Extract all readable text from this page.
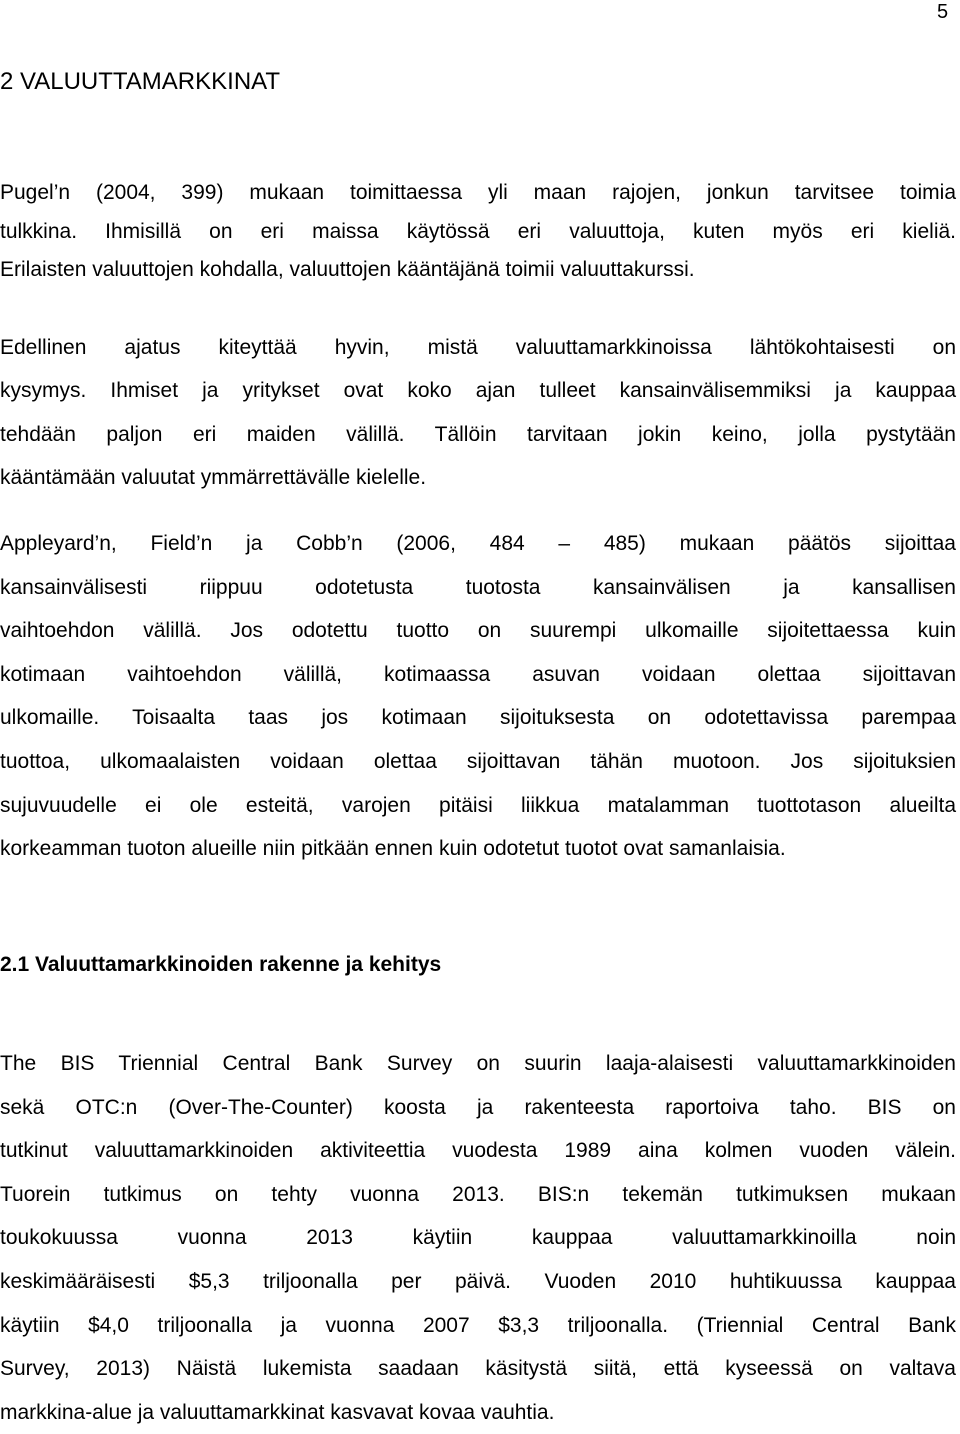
5
2 VALUUTTAMARKKINAT
Pugel’n (2004, 399) mukaan toimittaessa yli maan rajojen, jonkun tarvitsee toimia
tulkkina. Ihmisillä on eri maissa käytössä eri valuuttoja, kuten myös eri kieliä.
Erilaisten valuuttojen kohdalla, valuuttojen kääntäjänä toimii valuuttakurssi.
Edellinen ajatus kiteyttää hyvin, mistä valuuttamarkkinoissa lähtökohtaisesti on
kysymys. Ihmiset ja yritykset ovat koko ajan tulleet kansainvälisemmiksi ja kauppaa
tehdään paljon eri maiden välillä. Tällöin tarvitaan jokin keino, jolla pystytään
kääntämään valuutat ymmärrettävälle kielelle.
Appleyard’n, Field’n ja Cobb’n (2006, 484 – 485) mukaan päätös sijoittaa
kansainvälisesti riippuu odotetusta tuotosta kansainvälisen ja kansallisen
vaihtoehdon välillä. Jos odotettu tuotto on suurempi ulkomaille sijoitettaessa kuin
kotimaan vaihtoehdon välillä, kotimaassa asuvan voidaan olettaa sijoittavan
ulkomaille. Toisaalta taas jos kotimaan sijoituksesta on odotettavissa parempaa
tuottoa, ulkomaalaisten voidaan olettaa sijoittavan tähän muotoon. Jos sijoituksien
sujuvuudelle ei ole esteitä, varojen pitäisi liikkua matalamman tuottotason alueilta
korkeamman tuoton alueille niin pitkään ennen kuin odotetut tuotot ovat samanlaisia.
2.1 Valuuttamarkkinoiden rakenne ja kehitys
The BIS Triennial Central Bank Survey on suurin laaja-alaisesti valuuttamarkkinoiden
sekä OTC:n (Over-The-Counter) koosta ja rakenteesta raportoiva taho. BIS on
tutkinut valuuttamarkkinoiden aktiviteettia vuodesta 1989 aina kolmen vuoden välein.
Tuorein tutkimus on tehty vuonna 2013. BIS:n tekemän tutkimuksen mukaan
toukokuussa vuonna 2013 käytiin kauppaa valuuttamarkkinoilla noin
keskimääräisesti $5,3 triljoonalla per päivä. Vuoden 2010 huhtikuussa kauppaa
käytiin $4,0 triljoonalla ja vuonna 2007 $3,3 triljoonalla. (Triennial Central Bank
Survey, 2013) Näistä lukemista saadaan käsitystä siitä, että kyseessä on valtava
markkina-alue ja valuuttamarkkinat kasvavat kovaa vauhtia.
